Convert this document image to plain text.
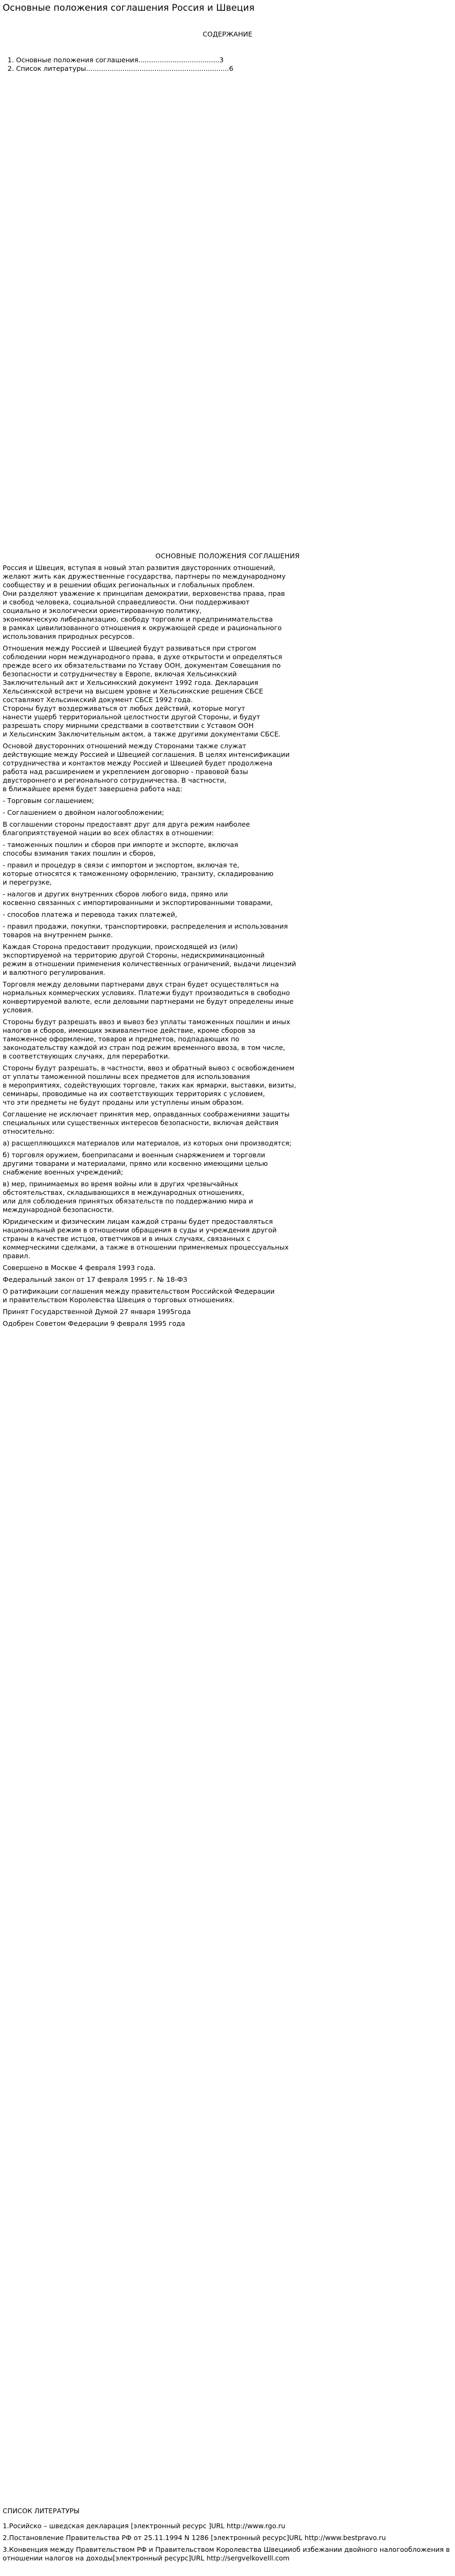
Основные положения соглашения Россия и Швеция
СОДЕРЖАНИЕ
1. Основные положения соглашения......................................3
2. Список литературы...................................................................6
ОСНОВНЫЕ ПОЛОЖЕНИЯ СОГЛАШЕНИЯ

Россия и Швеция, вступая в новый этап развития двусторонних отношений,
желают жить как дружественные государства, партнеры по международному
сообществу и в решении общих региональных и глобальных проблем.
Они разделяют уважение к принципам демократии, верховенства права, прав
и свобод человека, социальной справедливости. Они поддерживают
социально и экологически ориентированную политику,
экономическую либерализацию, свободу торговли и предпринимательства
в рамках цивилизованного отношения к окружающей среде и рационального
использования природных ресурсов.

Отношения между Россией и Швецией будут развиваться при строгом
соблюдении норм международного права, в духе открытости и определяться
прежде всего их обязательствами по Уставу ООН, документам Совещания по
безопасности и сотрудничеству в Европе, включая Хельсинкский
Заключительный акт и Хельсинкский документ 1992 года. Декларация
Хельсинкской встречи на высшем уровне и Хельсинкские решения СБСЕ
составляют Хельсинкский документ СБСЕ 1992 года.
Стороны будут воздерживаться от любых действий, которые могут
нанести ущерб территориальной целостности другой Стороны, и будут
разрешать спору мирными средствами в соответствии с Уставом ООН
и Хельсинским Заключительным актом, а также другими документами СБСЕ.

Основой двусторонних отношений между Сторонами также служат
действующие между Россией и Швецией соглашения. В целях интенсификации
сотрудничества и контактов между Россией и Швецией будет продолжена
работа над расширением и укреплением договорно - правовой базы
двустороннего и регионального сотрудничества. В частности,
в ближайшее время будет завершена работа над:

- Торговым соглашением;

- Соглашением о двойном налогообложении;

В соглашении стороны предоставят друг для друга режим наиболее
благоприятствуемой нации во всех областях в отношении:

- таможенных пошлин и сборов при импорте и экспорте, включая
способы взимания таких пошлин и сборов,

- правил и процедур в связи с импортом и экспортом, включая те,
которые относятся к таможенному оформлению, транзиту, складированию
и перегрузке,

- налогов и других внутренних сборов любого вида, прямо или
косвенно связанных с импортированными и экспортированными товарами,

- способов платежа и перевода таких платежей,

- правил продажи, покупки, транспортировки, распределения и использования
товаров на внутреннем рынке.

Каждая Сторона предоставит продукции, происходящей из (или)
экспортируемой на территорию другой Стороны, недискриминационный
режим в отношении применения количественных ограничений, выдачи лицензий
и валютного регулирования.

Торговля между деловыми партнерами двух стран будет осуществляться на
нормальных коммерческих условиях. Платежи будут производиться в свободно
конвертируемой валюте, если деловыми партнерами не будут определены иные
условия.

Стороны будут разрешать ввоз и вывоз без уплаты таможенных пошлин и иных
налогов и сборов, имеющих эквивалентное действие, кроме сборов за
таможенное оформление, товаров и предметов, подпадающих по
законодательству каждой из стран под режим временного ввоза, в том числе,
в соответствующих случаях, для переработки.

Стороны будут разрешать, в частности, ввоз и обратный вывоз с освобождением
от уплаты таможенной пошлины всех предметов для использования
в мероприятиях, содействующих торговле, таких как ярмарки, выставки, визиты,
семинары, проводимые на их соответствующих территориях с условием,
что эти предметы не будут проданы или уступлены иным образом.

Соглашение не исключает принятия мер, оправданных соображениями защиты
специальных или существенных интересов безопасности, включая действия
относительно:

а) расщепляющихся материалов или материалов, из которых они производятся;

б) торговля оружием, боеприпасами и военным снаряжением и торговли
другими товарами и материалами, прямо или косвенно имеющими целью
снабжение военных учреждений;

в) мер, принимаемых во время войны или в других чрезвычайных
обстоятельствах, складывающихся в международных отношениях,
или для соблюдения принятых обязательств по поддержанию мира и
международной безопасности.

Юридическим и физическим лицам каждой страны будет предоставляться
национальный режим в отношении обращения в суды и учреждения другой
страны в качестве истцов, ответчиков и в иных случаях, связанных с
коммерческими сделками, а также в отношении применяемых процессуальных
правил.

Совершено в Москве 4 февраля 1993 года.

Федеральный закон от 17 февраля 1995 г. № 18-ФЗ

О ратификации соглашения между правительством Российской Федерации
и правительством Королевства Швеция о торговых отношениях.

Принят Государственной Думой 27 января 1995года

Одобрен Советом Федерации 9 февраля 1995 года

СПИСОК ЛИТЕРАТУРЫ

1.Росийско – шведская декларация [электронный ресурс ]URL http://www.rgo.ru

2.Постановление Правительства РФ от 25.11.1994 N 1286 [электронный ресурс]URL http://www.bestpravo.ru

3.Конвенция между Правительством РФ и Правительством Королевства Швецииоб избежании двойного налогообложения в отношении налогов на доходы[электронный ресурс]URL http://sergvelkovelll.com
